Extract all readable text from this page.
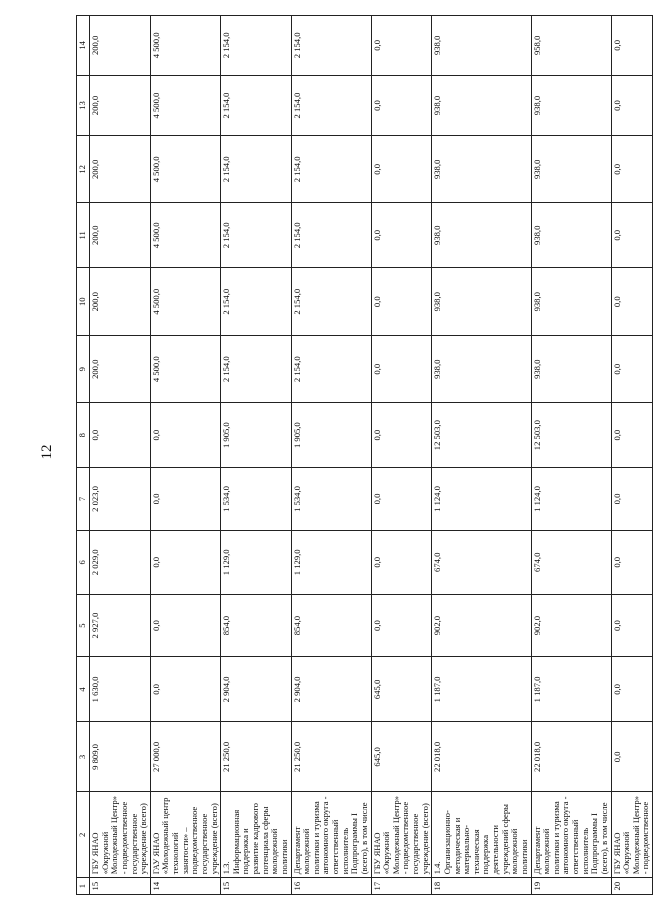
12
1	2	3	4	5	6	7	8	9	10	11	12	13	14
15	ГБУ ЯНАО «Окружной Молодежный Центр» - подведомственное государственное учреждение (всего)	9 809,0	1 630,0	2 927,0	2 029,0	2 023,0	0,0	200,0	200,0	200,0	200,0	200,0	200,0
14	ГАУ ЯНАО «Молодежный центр технологий занятости» – подведомственное государственное учреждение (всего)	27 000,0	0,0	0,0	0,0	0,0	0,0	4 500,0	4 500,0	4 500,0	4 500,0	4 500,0	4 500,0
15	1.3. Информационная поддержка и развитие кадрового потенциала сферы молодежной политики	21 250,0	2 904,0	854,0	1 129,0	1 534,0	1 905,0	2 154,0	2 154,0	2 154,0	2 154,0	2 154,0	2 154,0
16	Департамент молодежной политики и туризма автономного округа - ответственный исполнитель Подпрограммы I (всего), в том числе	21 250,0	2 904,0	854,0	1 129,0	1 534,0	1 905,0	2 154,0	2 154,0	2 154,0	2 154,0	2 154,0	2 154,0
17	ГБУ ЯНАО «Окружной Молодежный Центр» - подведомственное государственное учреждение (всего)	645,0	645,0	0,0	0,0	0,0	0,0	0,0	0,0	0,0	0,0	0,0	0,0
18	1.4. Организационно-методическая и материально-техническая поддержка деятельности учреждений сферы молодежной политики	22 018,0	1 187,0	902,0	674,0	1 124,0	12 503,0	938,0	938,0	938,0	938,0	938,0	938,0
19	Департамент молодежной политики и туризма автономного округа - ответственный исполнитель Подпрограммы I (всего), в том числе	22 018,0	1 187,0	902,0	674,0	1 124,0	12 503,0	938,0	938,0	938,0	938,0	938,0	958,0
20	ГБУ ЯНАО «Окружной Молодежный Центр» - подведомственное	0,0	0,0	0,0	0,0	0,0	0,0	0,0	0,0	0,0	0,0	0,0	0,0
